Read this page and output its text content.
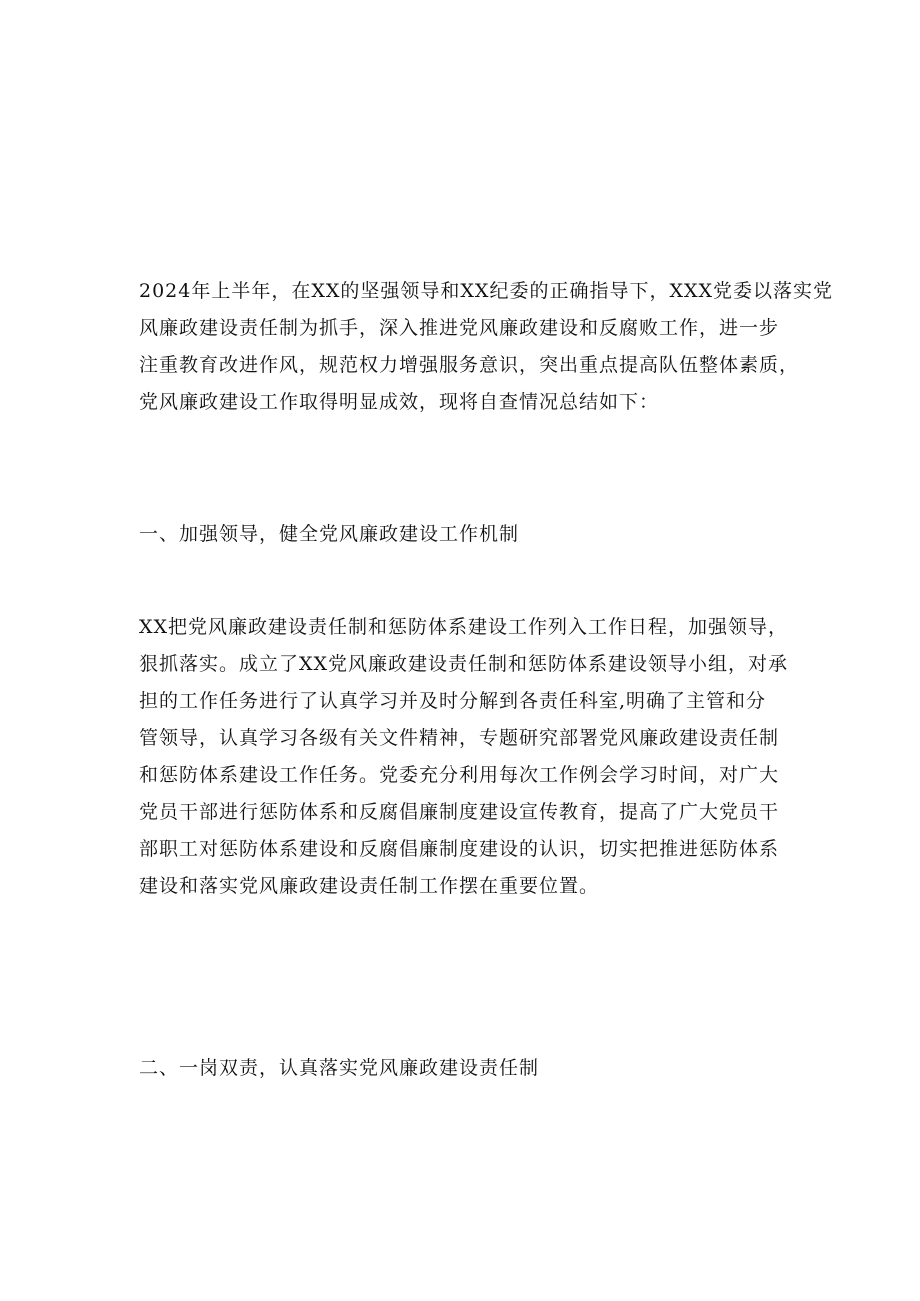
2024年上半年，在XX的坚强领导和XX纪委的正确指导下，XXX党委以落实党
风廉政建设责任制为抓手，深入推进党风廉政建设和反腐败工作，进一步
注重教育改进作风，规范权力增强服务意识，突出重点提高队伍整体素质，
党风廉政建设工作取得明显成效，现将自查情况总结如下：

一、加强领导，健全党风廉政建设工作机制

XX把党风廉政建设责任制和惩防体系建设工作列入工作日程，加强领导，
狠抓落实。成立了XX党风廉政建设责任制和惩防体系建设领导小组，对承
担的工作任务进行了认真学习并及时分解到各责任科室,明确了主管和分
管领导，认真学习各级有关文件精神，专题研究部署党风廉政建设责任制
和惩防体系建设工作任务。党委充分利用每次工作例会学习时间，对广大
党员干部进行惩防体系和反腐倡廉制度建设宣传教育，提高了广大党员干
部职工对惩防体系建设和反腐倡廉制度建设的认识，切实把推进惩防体系
建设和落实党风廉政建设责任制工作摆在重要位置。

二、一岗双责，认真落实党风廉政建设责任制
